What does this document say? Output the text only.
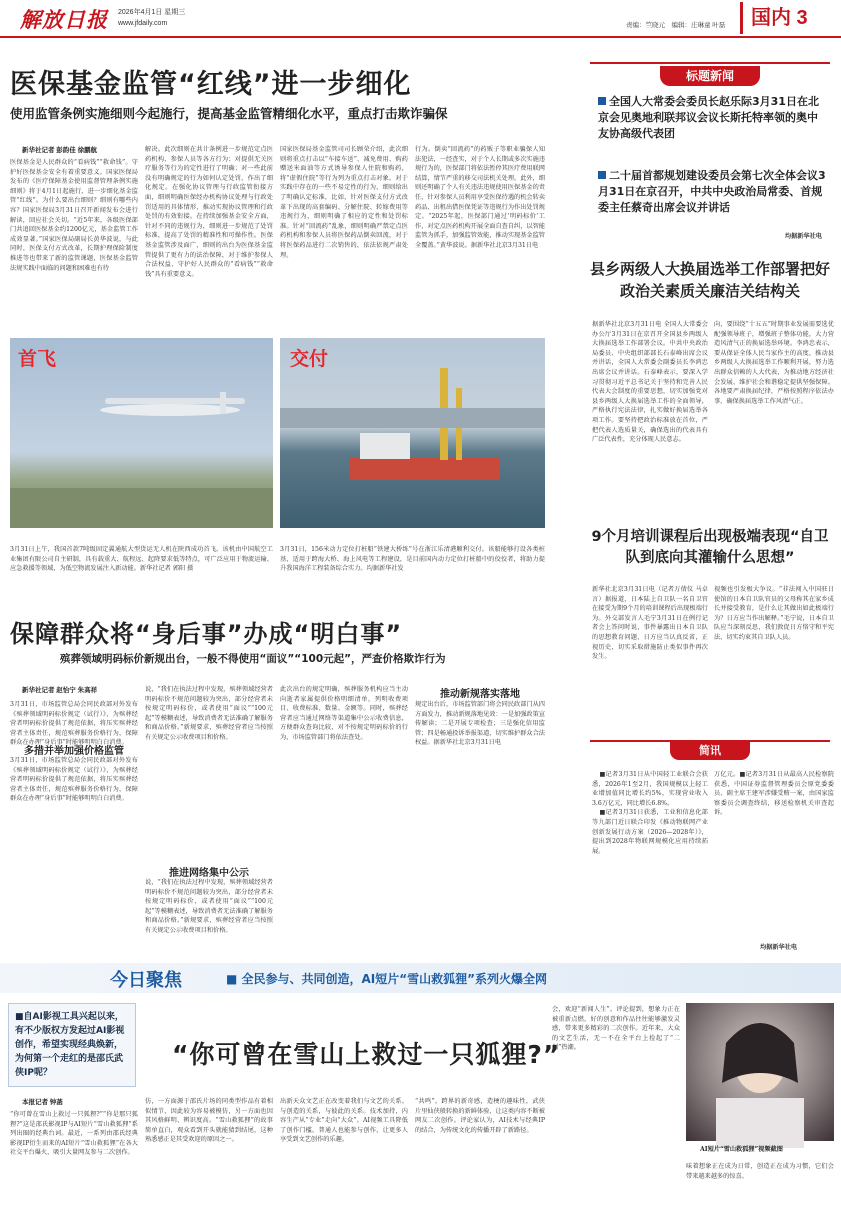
解放日报 2026年4月1日 星期三
www.jfdaily.com	责编：竺晓元　编辑：庄琳童 叶磊	国内 3
医保基金监管“红线”进一步细化
使用监管条例实施细则今起施行，提高基金监管精细化水平，重点打击欺诈骗保
新华社记者 彭韵佳 徐鹏航
医保基金是人民群众的“看病钱”“救命钱”。守护好医保基金安全有着重要意义。国家医保局发布的《医疗保障基金使用监督管理条例实施细则》将于4月1日起施行，进一步细化基金监管“红线”。为什么要出台细则？细则有哪些内容？国家医保局3月31日召开新闻发布会进行解读，回应社会关切。“近5年来，各级医保部门共追回医保基金约1200亿元，基金监管工作成效显著。”国家医保局副局长黄华波说，与此同时，医保支付方式改革，长期护理保险制度推进等也带来了新的监管课题，医保基金监管法规实践中面临的问题和困难也有待
解决。此次细则在共计条例进一步规范定点医药机构、参保人员等各方行为；对提供无关医疗服务等行为的定性进行了明确；对一些此前没有明确规定的行为如何认定处罚，作出了细化规定。在强化协议管理与行政监管衔接方面，细则明确医保经办机构协议处理与行政处罚适用的具体情形，推动实现协议管理和行政处罚的有效衔接。在持续加强基金安全方面，针对不同的违规行为，细则进一步规范了处罚标准，提高了处罚的精准性和可操作性。医保基金监管涉及面广，细则的出台为医保基金监管提供了更有力的法治保障，对于维护参保人合法权益、守护好人民群众的“看病钱”“救命钱”具有重要意义。
国家医保局基金监管司司长顾荣介绍，此次细则将重点打击以“车接车送”、减免费用、购药赠送米面油等方式诱导参保人住院和购药，将“虚假住院”等行为列为重点打击对象。对于实践中存在的一些不易定性的行为，细则给出了明确认定标准，比如，针对医保支付方式改革下出现的高套编码、分解住院、转嫁费用等违规行为，细则明确了相应的定性和处罚标准。针对“回流药”乱象，细则明确严禁定点医药机构和参保人员将医保药品倒卖回流，对于将医保药品进行二次销售的，依法依规严肃处理。
行为。倒卖“回流药”的药贩子等职业骗保人知法犯法，一经查实，对于个人长期或多次实施违规行为的，医保部门将依法暂停其医疗费用联网结算，情节严重的移交司法机关处理。此外，细则还明确了个人有关违法违规使用医保基金的责任，针对参保人员利用享受医保待遇的机会转卖药品、出租出借医保凭证等违规行为作出处罚规定。“2025年起，医保部门通过‘明码标价’工作，对定点医药机构开展全面自查自纠，以智能监管为抓手，加强监管效能，推动实现基金监管全覆盖。”黄华波说。据新华社北京3月31日电
标题新闻
全国人大常委会委员长赵乐际3月31日在北京会见奥地利联邦议会议长斯托特率领的奥中友协高级代表团
二十届首都规划建设委员会第七次全体会议3月31日在京召开，中共中央政治局常委、首规委主任蔡奇出席会议并讲话
均据新华社电
县乡两级人大换届选举工作部署把好政治关素质关廉洁关结构关
据新华社北京3月31日电 全国人大常委会办公厅3月31日在京召开全国县乡两级人大换届选举工作部署会议。中共中央政治局委员、中央组织部部长石泰峰出席会议并讲话，全国人大常委会副委员长李鸿忠出席会议并讲话。石泰峰表示，要深入学习贯彻习近平总书记关于坚持和完善人民代表大会制度的重要思想，切实加强党对县乡两级人大换届选举工作的全面领导，严格执行宪法法律，扎实做好换届选举各项工作。要坚持把政治标准放在首位，严把代表人选质量关，确保选出的代表具有广泛代表性，充分体现人民意志。
向，要围绕“十五五”时期事业发展需要选优配强领导班子，增强班子整体功能，大力营造风清气正的换届选举环境。李鸿忠表示，要从保证全体人民当家作主的高度，推动县乡两级人大换届选举工作顺利开展，努力选出群众信赖的人大代表，为推动地方经济社会发展、维护社会和谐稳定提供坚强保障。各地要严肃换届纪律，严格按照程序依法办事，确保换届选举工作风清气正。
首飞
3月31日上午，我国首款7吨级固定翼通航大型货运无人机在陕西成功首飞。该机由中国航空工业集团有限公司自主研制，具有载重大、航程远、起降要求低等特点，可广泛应用于物流运输、应急救援等领域，为低空物流发展注入新动能。新华社记者 郭阳 摄
交付
3月31日，156米动力定位打桩船“铁建大桥练”号在浙江乐清港顺利交付。该船能够打设各类桩基，适用于跨海大桥、海上风电等工程建设，是目前国内动力定位打桩船中的佼佼者，将助力提升我国海洋工程装备综合实力。均据新华社发
9个月培训课程后出现极端表现“自卫队到底向其灌输什么思想”
新华社北京3月31日电（记者万倩仪 马卓言）据报道，日本陆上自卫队一名自卫官在接受为期9个月的培训课程后出现极端行为。外交部发言人毛宁3月31日在例行记者会上答问时说，事件暴露出日本自卫队的思想教育问题，日方应当认真反省，正视历史，切实采取措施防止类似事件再次发生。
视频也引发极大争议。“非法闯入中国驻日使馆的日本自卫队官员的父母称其在家乡成长并接受教育，是什么让其做出如此极端行为？日方应当作出解释。”毛宁说，日本自卫队应当深刻反思，我们敦促日方恪守和平宪法，切实约束其自卫队人员。
保障群众将“身后事”办成“明白事”
殡葬领域明码标价新规出台，一般不得使用“面议”“100元起”，严查价格欺诈行为
新华社记者 赵怡宁 朱高祥
3月31日，市场监管总局会同民政部对外发布《殡葬领域明码标价规定（试行）》，为殡葬经营者明码标价提供了规范依据，将压实殡葬经营者主体责任，规范殡葬服务价格行为，保障群众在办理“身后事”时能够明明白白消费。
多措并举加强价格监管
3月31日，市场监管总局会同民政部对外发布《殡葬领域明码标价规定（试行）》，为殡葬经营者明码标价提供了规范依据，将压实殡葬经营者主体责任，规范殡葬服务价格行为，保障群众在办理“身后事”时能够明明白白消费。
说，“我们在执法过程中发现，殡葬领域经营者明码标价不规范问题较为突出，部分经营者未按规定明码标价，或者使用“面议”“100元起”等模糊表述，导致消费者无法准确了解服务和商品价格。”新规要求，殡葬经营者应当按照有关规定公示收费项目和价格。
推进网络集中公示
说，“我们在执法过程中发现，殡葬领域经营者明码标价不规范问题较为突出，部分经营者未按规定明码标价，或者使用“面议”“100元起”等模糊表述，导致消费者无法准确了解服务和商品价格。”新规要求，殡葬经营者应当按照有关规定公示收费项目和价格。
此次出台的规定明确，殡葬服务机构应当主动向逝者家属提供价格明细清单，列明收费项目、收费标准、数量、金额等。同时，殡葬经营者应当通过网络等渠道集中公示收费信息，方便群众查询比较，对不按规定明码标价的行为，市场监管部门将依法查处。
推动新规落实落地
规定出台后，市场监管部门将会同民政部门从四方面发力，推动新规落地见效：一是加强政策宣传解读；二是开展专项检查；三是强化信用监管；四是畅通投诉举报渠道，切实维护群众合法权益。据新华社北京3月31日电
简讯

■记者3月31日从中国轻工业联合会获悉，2026年1至2月，我国规模以上轻工业增加值同比增长约5%，实现营业收入3.6万亿元，同比增长6.8%。

■记者3月31日获悉，工业和信息化部等九部门近日联合印发《推动物联网产业创新发展行动方案（2026—2028年）》，提出到2028年物联网规模化应用持续拓展。

万亿元。■记者3月31日从最高人民检察院获悉，中国证券监督管理委员会原党委委员、副主席王建军涉嫌受贿一案，由国家监察委员会调查终结，移送检察机关审查起诉。
均据新华社电
今日聚焦	■ 全民参与、共同创造，AI短片“雪山救狐狸”系列火爆全网
■自AI影视工具兴起以来，有不少版权方发起过AI影视创作，希望实现经典焕新，为何第一个走红的是邵氏武侠IP呢？
“你可曾在雪山上救过一只狐狸?”
本报记者 钟菡
“你可曾在雪山上救过一只狐狸?”“你是那只狐狸?”这是邵氏影视IP与AI短片“雪山救狐狸”系列出圈的经典台词。最近，一系列由邵氏经典影视IP衍生而来的AI短片“雪山救狐狸”在各大社交平台爆火，吸引大量网友参与二次创作。
仿，一方面源于邵氏片场的同类型作品有着相似情节，因此较为容易被模仿，另一方面也因其风格鲜明、辨识度高。“雪山救狐狸”的故事简单直白，观众看到开头就能猜到结尾，这种熟悉感正是其受欢迎的原因之一。
出新天众文艺正在改变着我们与文艺的关系。与创造的关系，与彼此的关系。技术加持，内容生产从“专业”走向“大众”。AI视频工具降低了创作门槛，普通人也能参与创作，让更多人享受到文艺创作的乐趣。
“共鸣”。跨界的新奇感，造梗的趣味性，武侠片里仙侠般转换的新鲜体验，让这类内容不断被网友二次创作。评论家认为，AI技术与经典IP的结合，为传统文化的传播开辟了新路径。
会，欢迎“新闻人生”。评论提到，想象力正在被重新点燃，好的创意和作品往往能够激发灵感，带来更多精彩的二次创作。近年来，大众的文艺生活，无一不在全平台上捡起了“二创”热潮。
AI短片“雪山救狐狸”视频截图
味着想象正在成为日常，创造正在成为习惯，它们会带来越来越多的惊喜。
